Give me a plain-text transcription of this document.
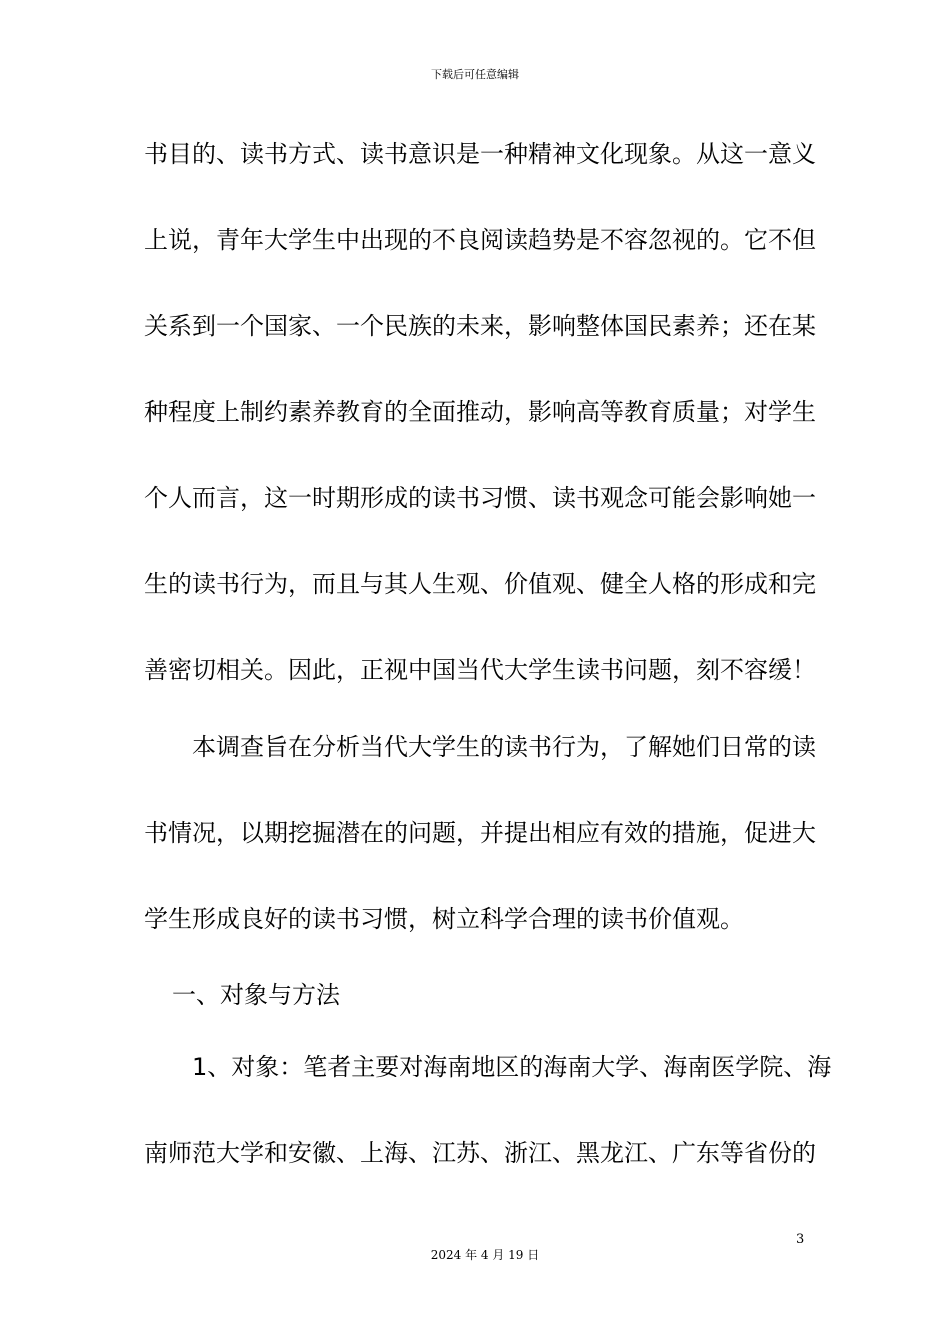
下载后可任意编辑
书目的、读书方式、读书意识是一种精神文化现象。从这一意义
上说，青年大学生中出现的不良阅读趋势是不容忽视的。它不但
关系到一个国家、一个民族的未来，影响整体国民素养；还在某
种程度上制约素养教育的全面推动，影响高等教育质量；对学生
个人而言，这一时期形成的读书习惯、读书观念可能会影响她一
生的读书行为，而且与其人生观、价值观、健全人格的形成和完
善密切相关。因此，正视中国当代大学生读书问题，刻不容缓！
本调查旨在分析当代大学生的读书行为，了解她们日常的读
书情况，以期挖掘潜在的问题，并提出相应有效的措施，促进大
学生形成良好的读书习惯，树立科学合理的读书价值观。
一、对象与方法
1、对象：笔者主要对海南地区的海南大学、海南医学院、海
南师范大学和安徽、上海、江苏、浙江、黑龙江、广东等省份的
3
2024 年 4 月 19 日
